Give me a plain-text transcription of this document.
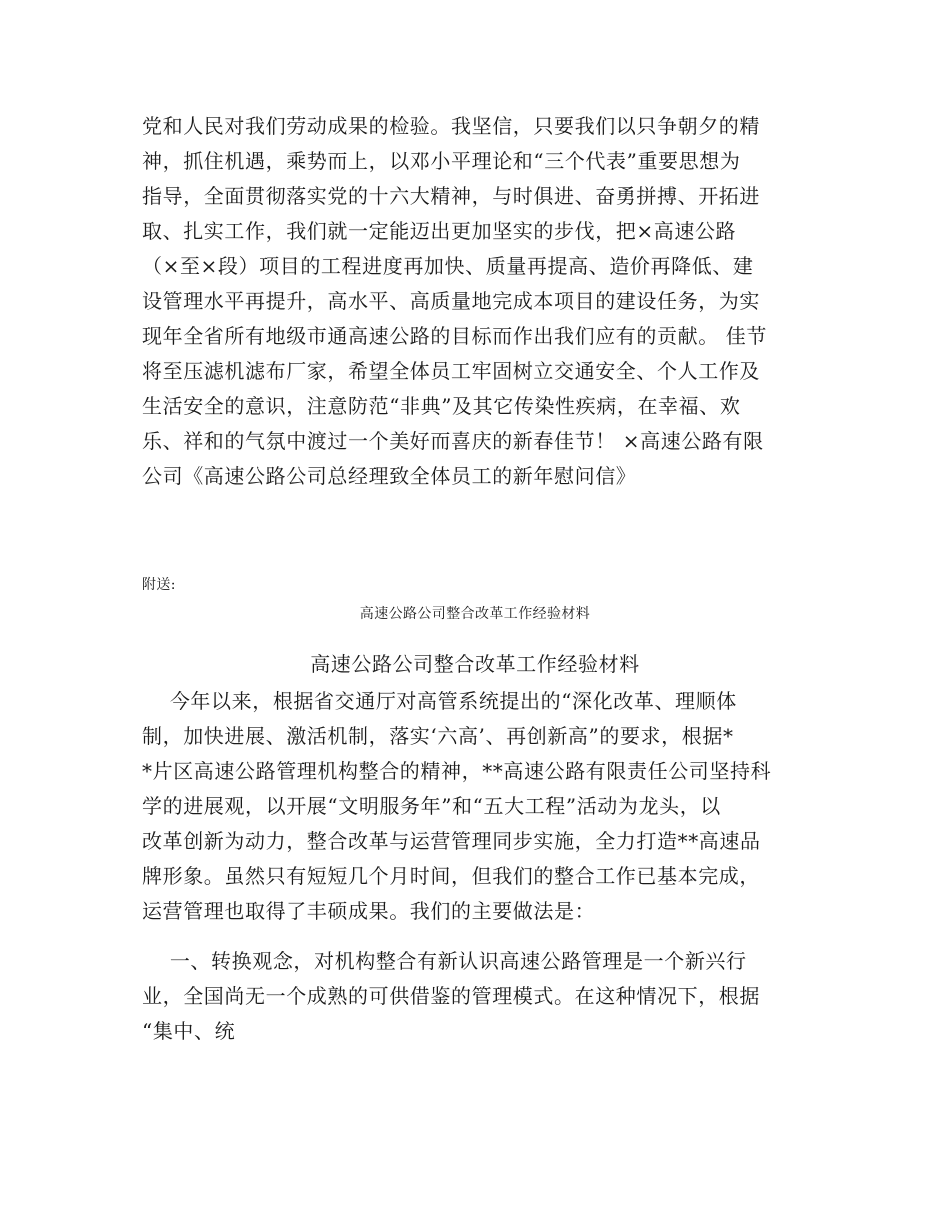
党和人民对我们劳动成果的检验。我坚信，只要我们以只争朝夕的精
神，抓住机遇，乘势而上，以邓小平理论和“三个代表”重要思想为
指导，全面贯彻落实党的十六大精神，与时俱进、奋勇拼搏、开拓进
取、扎实工作，我们就一定能迈出更加坚实的步伐，把×高速公路
（×至×段）项目的工程进度再加快、质量再提高、造价再降低、建
设管理水平再提升，高水平、高质量地完成本项目的建设任务，为实
现年全省所有地级市通高速公路的目标而作出我们应有的贡献。 佳节
将至压滤机滤布厂家，希望全体员工牢固树立交通安全、个人工作及
生活安全的意识，注意防范“非典”及其它传染性疾病，在幸福、欢
乐、祥和的气氛中渡过一个美好而喜庆的新春佳节！ ×高速公路有限
公司《高速公路公司总经理致全体员工的新年慰问信》
附送:
高速公路公司整合改革工作经验材料
高速公路公司整合改革工作经验材料
今年以来，根据省交通厅对高管系统提出的“深化改革、理顺体
制，加快进展、激活机制，落实‘六高’、再创新高”的要求，根据*
*片区高速公路管理机构整合的精神，**高速公路有限责任公司坚持科
学的进展观，以开展“文明服务年”和“五大工程”活动为龙头，以
改革创新为动力，整合改革与运营管理同步实施，全力打造**高速品
牌形象。虽然只有短短几个月时间，但我们的整合工作已基本完成，
运营管理也取得了丰硕成果。我们的主要做法是：
一、转换观念，对机构整合有新认识高速公路管理是一个新兴行
业，全国尚无一个成熟的可供借鉴的管理模式。在这种情况下，根据
“集中、统
